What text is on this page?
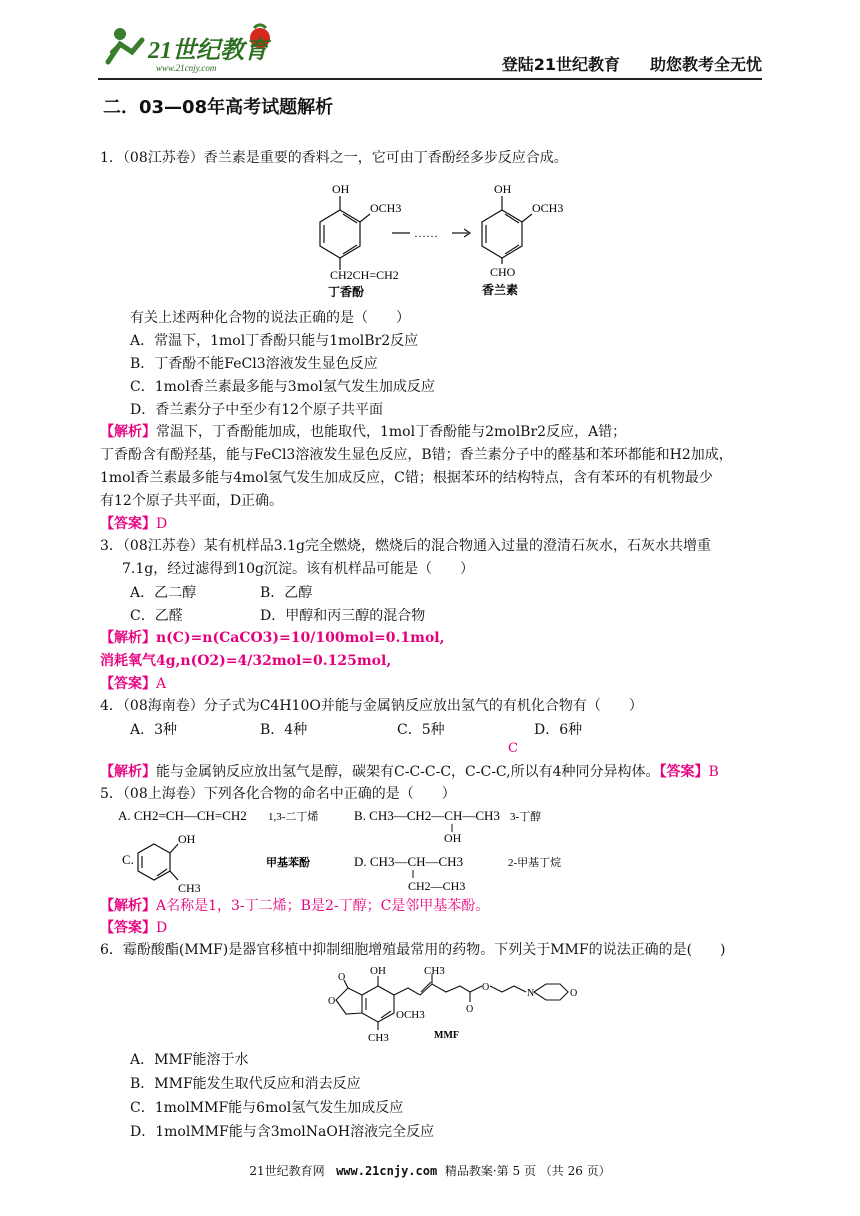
21世纪教育
www.21cnjy.com	登陆21世纪教育 助您教考全无忧
二．03—08年高考试题解析
1．（08江苏卷）香兰素是重要的香料之一，它可由丁香酚经多步反应合成。
OH
OCH3
CH2CH=CH2
……
OH
OCH3
CHO
丁香酚	香兰素
有关上述两种化合物的说法正确的是（　　）
A．常温下，1mol丁香酚只能与1molBr2反应
B．丁香酚不能FeCl3溶液发生显色反应
C．1mol香兰素最多能与3mol氢气发生加成反应
D．香兰素分子中至少有12个原子共平面
【解析】常温下，丁香酚能加成，也能取代，1mol丁香酚能与2molBr2反应，A错；
丁香酚含有酚羟基，能与FeCl3溶液发生显色反应，B错；香兰素分子中的醛基和苯环都能和H2加成，
1mol香兰素最多能与4mol氢气发生加成反应，C错；根据苯环的结构特点，含有苯环的有机物最少
有12个原子共平面，D正确。
【答案】D
3．（08江苏卷）某有机样品3.1g完全燃烧，燃烧后的混合物通入过量的澄清石灰水，石灰水共增重
7.1g，经过滤得到10g沉淀。该有机样品可能是（　　）
A．乙二醇	B．乙醇
C．乙醛	D．甲醇和丙三醇的混合物
【解析】n(C)=n(CaCO3)=10/100mol=0.1mol,
消耗氧气4g,n(O2)=4/32mol=0.125mol,
【答案】A
4．（08海南卷）分子式为C4H10O并能与金属钠反应放出氢气的有机化合物有（　　）
A．3种	B．4种	C．5种	D．6种
C
【解析】能与金属钠反应放出氢气是醇，碳架有C-C-C-C，C-C-C,所以有4种同分异构体。【答案】B
5．（08上海卷）下列各化合物的命名中正确的是（　　）
A. CH2=CH—CH=CH2 1,3-二丁烯	B. CH3—CH2—CH—CH3
OH
3-丁醇
C.
OH
CH3
甲基苯酚	D. CH3—CH—CH3
CH2—CH3
2-甲基丁烷
【解析】A名称是1，3-丁二烯；B是2-丁醇；C是邻甲基苯酚。
【答案】D
6．霉酚酸酯(MMF)是器官移植中抑制细胞增殖最常用的药物。下列关于MMF的说法正确的是(　　)
O
O
OH	CH3
OCH3
CH3
O
O
N	O
MMF
A．MMF能溶于水
B．MMF能发生取代反应和消去反应
C．1molMMF能与6mol氢气发生加成反应
D．1molMMF能与含3molNaOH溶液完全反应
21世纪教育网 www.21cnjy.com 精品教案·第 5 页 （共 26 页）
